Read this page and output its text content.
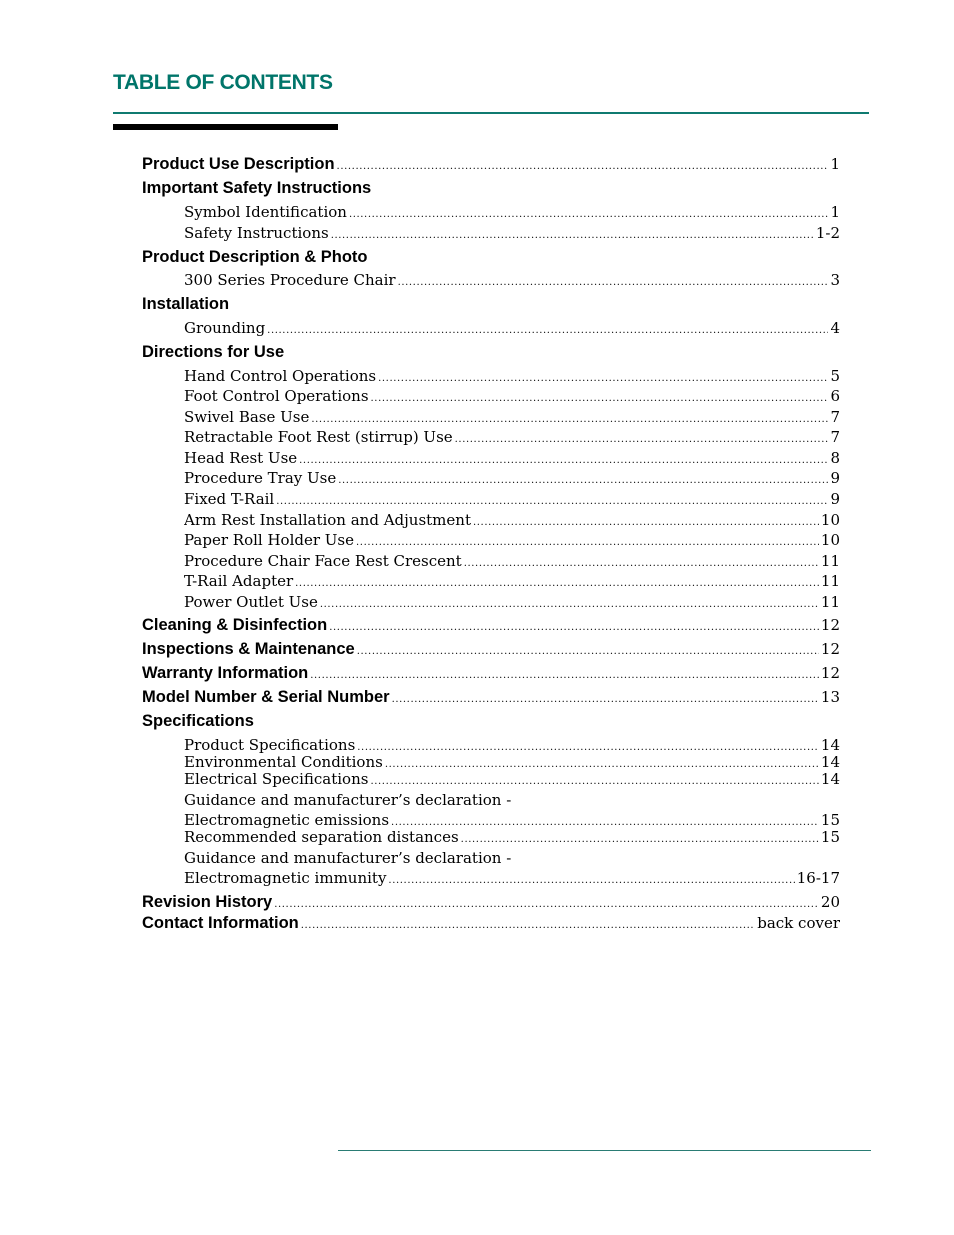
TABLE OF CONTENTS
Product Use Description .....	1
Important Safety Instructions
Symbol Identification .....	1
Safety Instructions .....	1-2
Product Description & Photo
300 Series Procedure Chair .....	3
Installation
Grounding .....	4
Directions for Use
Hand Control Operations .....	5
Foot Control Operations .....	6
Swivel Base Use .....	7
Retractable Foot Rest (stirrup) Use .....	7
Head Rest Use .....	8
Procedure Tray Use .....	9
Fixed T-Rail .....	9
Arm Rest Installation and Adjustment .....	10
Paper Roll Holder Use .....	10
Procedure Chair Face Rest Crescent .....	11
T-Rail Adapter .....	11
Power Outlet Use .....	11
Cleaning & Disinfection .....	12
Inspections & Maintenance .....	12
Warranty Information .....	12
Model Number & Serial Number .....	13
Specifications
Product Specifications .....	14
Environmental Conditions .....	14
Electrical Specifications .....	14
Guidance and manufacturer’s declaration -
Electromagnetic emissions .....	15
Recommended separation distances .....	15
Guidance and manufacturer’s declaration -
Electromagnetic immunity .....	16-17
Revision History .....	20
Contact Information .....	back cover
